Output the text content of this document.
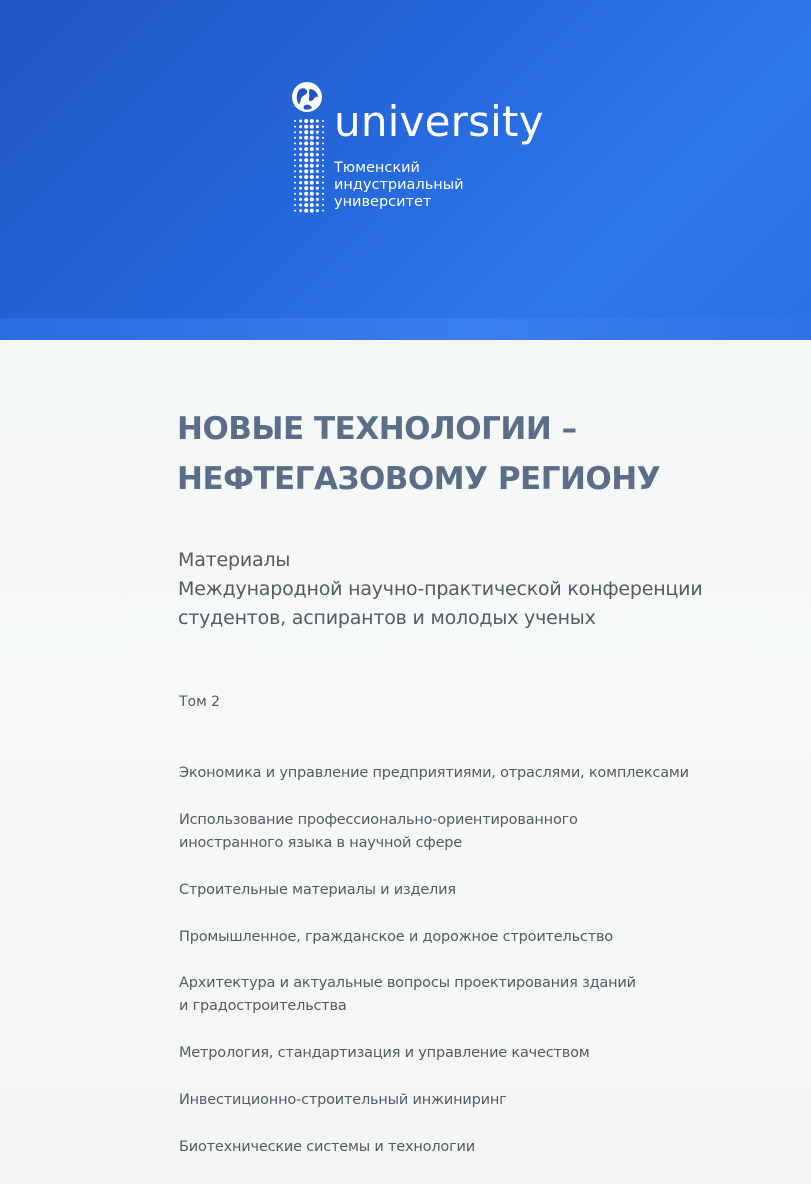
university
Тюменский
индустриальный
университет
НОВЫЕ ТЕХНОЛОГИИ –
НЕФТЕГАЗОВОМУ РЕГИОНУ
Материалы
Международной научно-практической конференции
студентов, аспирантов и молодых ученых
Том 2
Экономика и управление предприятиями, отраслями, комплексами
Использование профессионально-ориентированного
иностранного языка в научной сфере
Строительные материалы и изделия
Промышленное, гражданское и дорожное строительство
Архитектура и актуальные вопросы проектирования зданий
и градостроительства
Метрология, стандартизация и управление качеством
Инвестиционно-строительный инжиниринг
Биотехнические системы и технологии
